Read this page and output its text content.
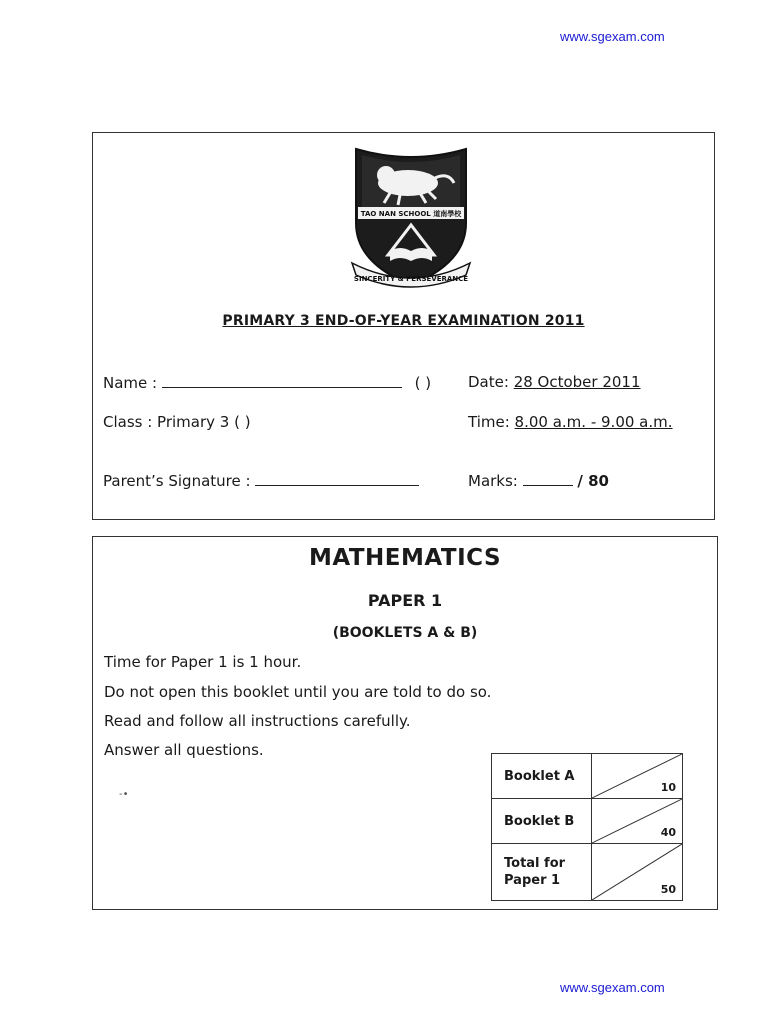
www.sgexam.com
TAO NAN SCHOOL 道南學校
SINCERITY & PERSEVERANCE
PRIMARY 3 END-OF-YEAR EXAMINATION 2011
Name :	( ) Date: 28 October 2011
Class : Primary 3 ( )	Time: 8.00 a.m. - 9.00 a.m.
Parent’s Signature :	Marks:	/ 80
MATHEMATICS
PAPER 1
(BOOKLETS A & B)
Time for Paper 1 is 1 hour.
Do not open this booklet until you are told to do so.
Read and follow all instructions carefully.
Answer all questions.
-•
Booklet A	10

Booklet B	40

Total for Paper 1	50
www.sgexam.com
